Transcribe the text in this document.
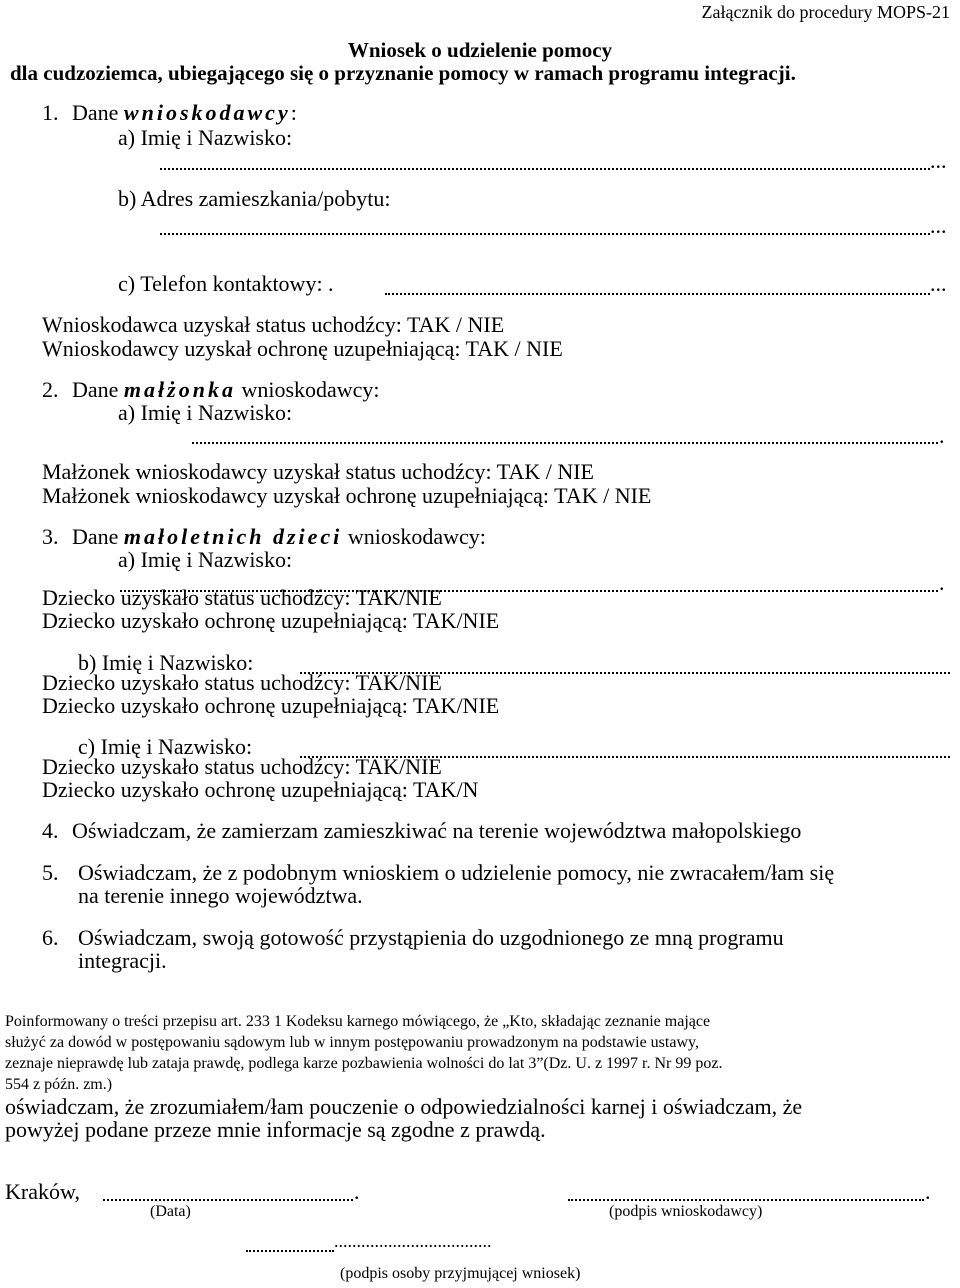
Załącznik do procedury MOPS-21
Wniosek o udzielenie pomocy
dla cudzoziemca, ubiegającego się o przyznanie pomocy w ramach programu integracji.
1. Dane wnioskodawcy:
a) Imię i Nazwisko:
...
b) Adres zamieszkania/pobytu:
...
c) Telefon kontaktowy: .	...
Wnioskodawca uzyskał status uchodźcy: TAK / NIE
Wnioskodawcy uzyskał ochronę uzupełniającą: TAK / NIE
2. Dane małżonka wnioskodawcy:
a) Imię i Nazwisko:
.
Małżonek wnioskodawcy uzyskał status uchodźcy: TAK / NIE
Małżonek wnioskodawcy uzyskał ochronę uzupełniającą: TAK / NIE
3. Dane małoletnich dzieci wnioskodawcy:
a) Imię i Nazwisko:
.
Dziecko uzyskało status uchodźcy: TAK/NIE
Dziecko uzyskało ochronę uzupełniającą: TAK/NIE
b) Imię i Nazwisko:
Dziecko uzyskało status uchodźcy: TAK/NIE
Dziecko uzyskało ochronę uzupełniającą: TAK/NIE
c) Imię i Nazwisko:
Dziecko uzyskało status uchodźcy: TAK/NIE
Dziecko uzyskało ochronę uzupełniającą: TAK/N
4. Oświadczam, że zamierzam zamieszkiwać na terenie województwa małopolskiego
5. Oświadczam, że z podobnym wnioskiem o udzielenie pomocy, nie zwracałem/łam się
na terenie innego województwa.
6. Oświadczam, swoją gotowość przystąpienia do uzgodnionego ze mną programu
integracji.
Poinformowany o treści przepisu art. 233 1 Kodeksu karnego mówiącego, że „Kto, składając zeznanie mające
służyć za dowód w postępowaniu sądowym lub w innym postępowaniu prowadzonym na podstawie ustawy,
zeznaje nieprawdę lub zataja prawdę, podlega karze pozbawienia wolności do lat 3”(Dz. U. z 1997 r. Nr 99 poz.
554 z późn. zm.)
oświadczam, że zrozumiałem/łam pouczenie o odpowiedzialności karnej i oświadczam, że
powyżej podane przeze mnie informacje są zgodne z prawdą.
Kraków,	.
(Data)
.
(podpis wnioskodawcy)
...................................
(podpis osoby przyjmującej wniosek)
